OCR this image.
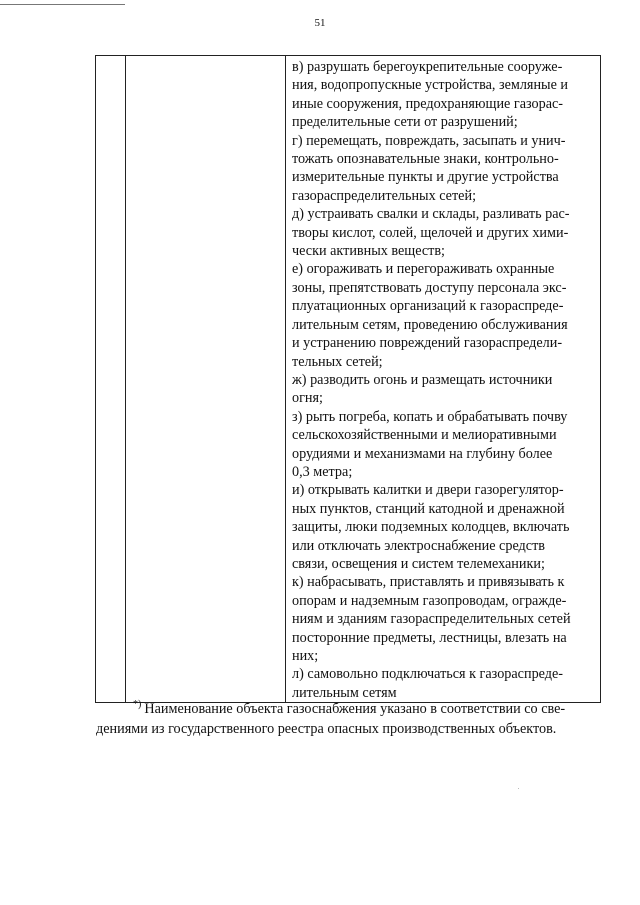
51

в) разрушать берегоукрепительные сооруже-
ния, водопропускные устройства, земляные и
иные сооружения, предохраняющие газорас-
пределительные сети от разрушений;
г) перемещать, повреждать, засыпать и унич-
тожать опознавательные знаки, контрольно-
измерительные пункты и другие устройства
газораспределительных сетей;
д) устраивать свалки и склады, разливать рас-
творы кислот, солей, щелочей и других хими-
чески активных веществ;
е) огораживать и перегораживать охранные
зоны, препятствовать доступу персонала экс-
плуатационных организаций к газораспреде-
лительным сетям, проведению обслуживания
и устранению повреждений газораспредели-
тельных сетей;
ж) разводить огонь и размещать источники
огня;
з) рыть погреба, копать и обрабатывать почву
сельскохозяйственными и мелиоративными
орудиями и механизмами на глубину более
0,3 метра;
и) открывать калитки и двери газорегулятор-
ных пунктов, станций катодной и дренажной
защиты, люки подземных колодцев, включать
или отключать электроснабжение средств
связи, освещения и систем телемеханики;
к) набрасывать, приставлять и привязывать к
опорам и надземным газопроводам, огражде-
ниям и зданиям газораспределительных сетей
посторонние предметы, лестницы, влезать на
них;
л) самовольно подключаться к газораспреде-
лительным сетям
*) Наименование объекта газоснабжения указано в соответствии со све-
дениями из государственного реестра опасных производственных объектов.
